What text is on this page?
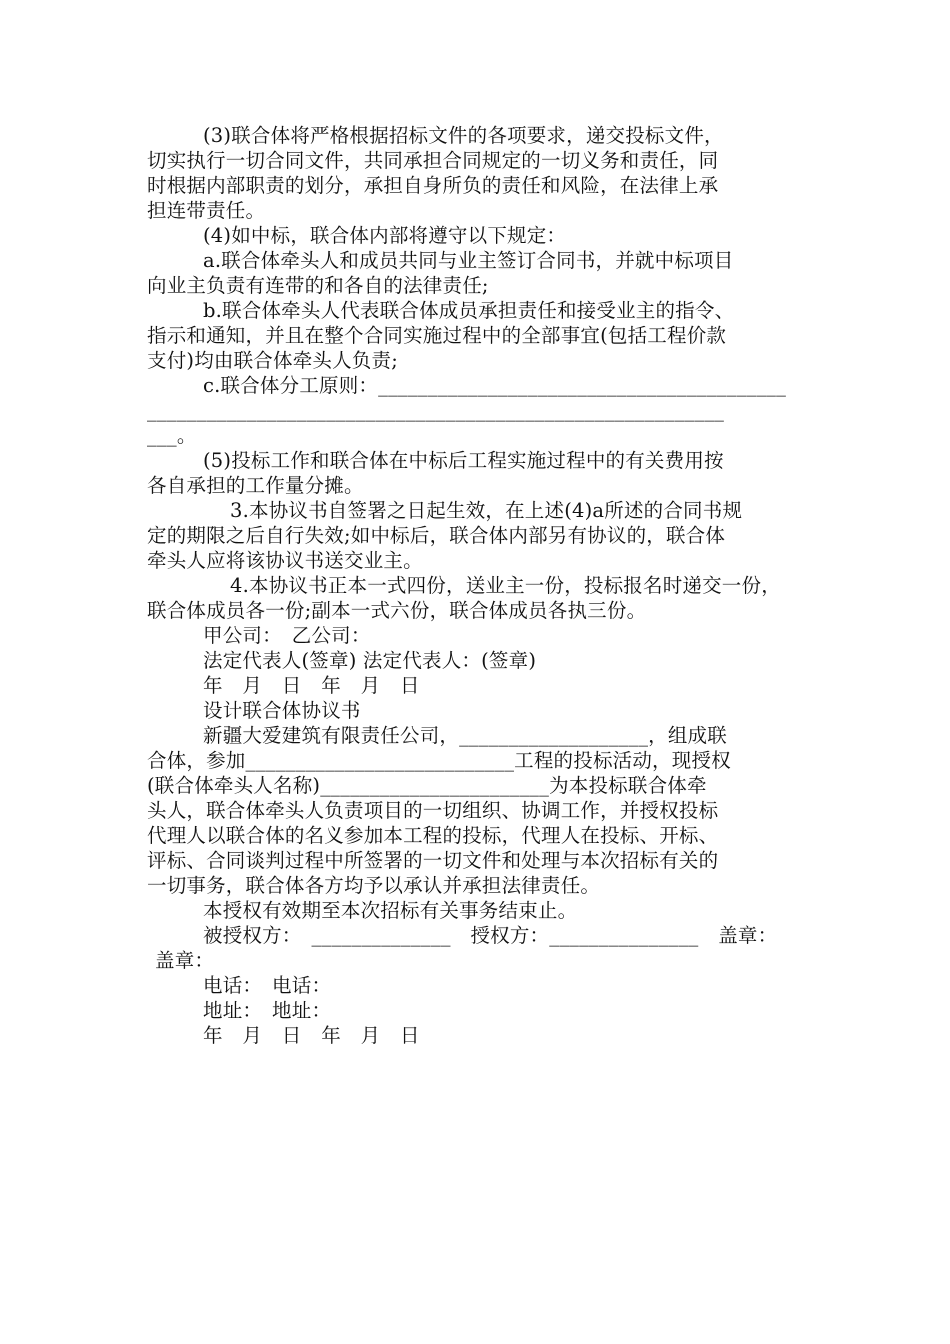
(3)联合体将严格根据招标文件的各项要求，递交投标文件，
切实执行一切合同文件，共同承担合同规定的一切义务和责任，同
时根据内部职责的划分，承担自身所负的责任和风险，在法律上承
担连带责任。
(4)如中标，联合体内部将遵守以下规定：
a.联合体牵头人和成员共同与业主签订合同书，并就中标项目
向业主负责有连带的和各自的法律责任;
b.联合体牵头人代表联合体成员承担责任和接受业主的指令、
指示和通知，并且在整个合同实施过程中的全部事宜(包括工程价款
支付)均由联合体牵头人负责;
c.联合体分工原则：_________________________________________
__________________________________________________________
___。
(5)投标工作和联合体在中标后工程实施过程中的有关费用按
各自承担的工作量分摊。
3.本协议书自签署之日起生效，在上述(4)a所述的合同书规
定的期限之后自行失效;如中标后，联合体内部另有协议的，联合体
牵头人应将该协议书送交业主。
4.本协议书正本一式四份，送业主一份，投标报名时递交一份，
联合体成员各一份;副本一式六份，联合体成员各执三份。
甲公司：　乙公司：
法定代表人(签章) 法定代表人：(签章)
年　月　日　年　月　日
设计联合体协议书
新疆大爱建筑有限责任公司，___________________，组成联
合体，参加___________________________工程的投标活动，现授权
(联合体牵头人名称)_______________________为本投标联合体牵
头人，联合体牵头人负责项目的一切组织、协调工作，并授权投标
代理人以联合体的名义参加本工程的投标，代理人在投标、开标、
评标、合同谈判过程中所签署的一切文件和处理与本次招标有关的
一切事务，联合体各方均予以承认并承担法律责任。
本授权有效期至本次招标有关事务结束止。
被授权方：　______________　授权方：_______________　盖章：
盖章：
电话：　电话：
地址：　地址：
年　月　日　年　月　日
